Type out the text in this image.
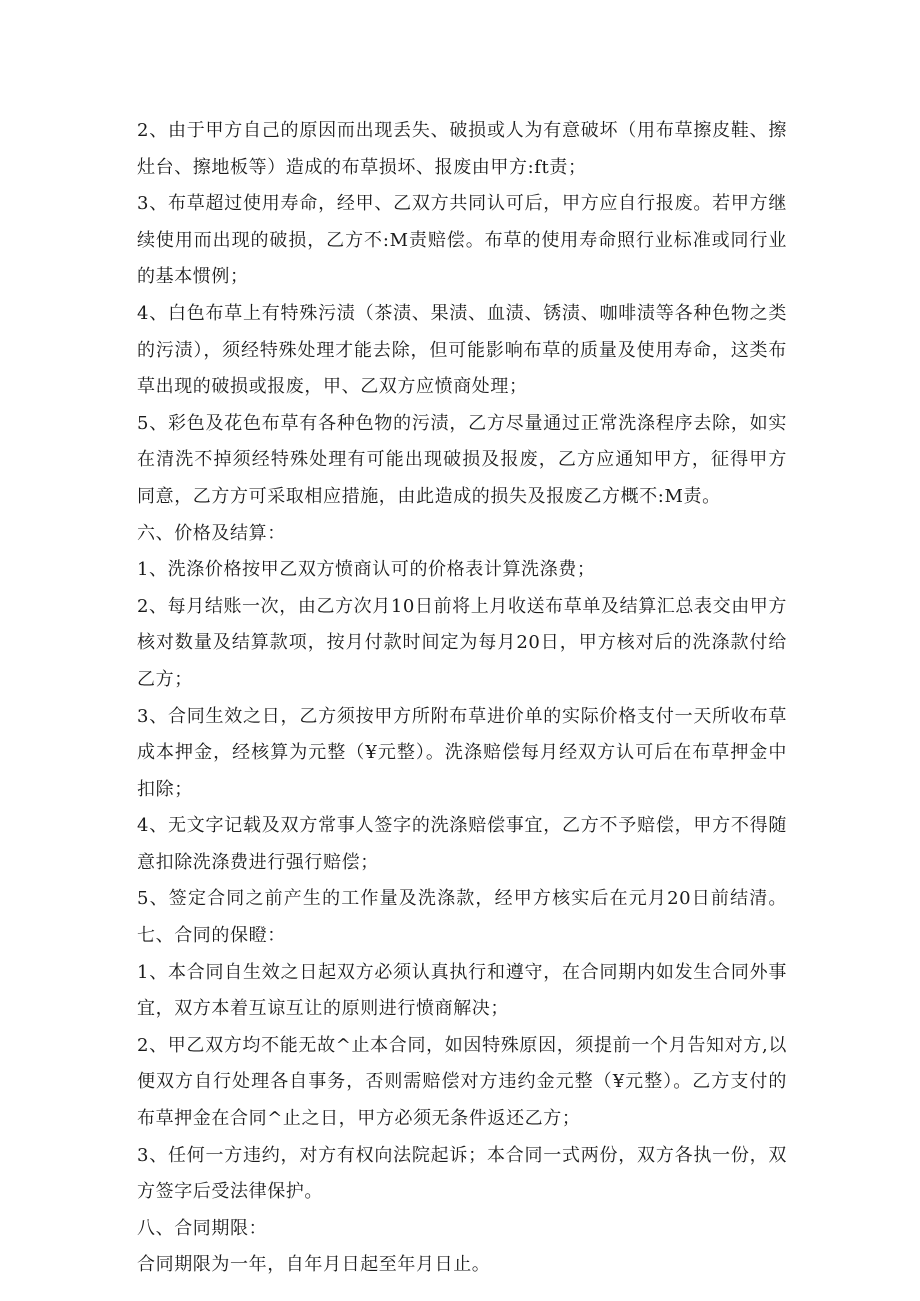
2、由于甲方自己的原因而出现丢失、破损或人为有意破坏（用布草擦皮鞋、擦灶台、擦地板等）造成的布草损坏、报废由甲方:ft责；

3、布草超过使用寿命，经甲、乙双方共同认可后，甲方应自行报废。若甲方继续使用而出现的破损，乙方不:M责赔偿。布草的使用寿命照行业标准或同行业的基本惯例；

4、白色布草上有特殊污渍（茶渍、果渍、血渍、锈渍、咖啡渍等各种色物之类的污渍），须经特殊处理才能去除，但可能影响布草的质量及使用寿命，这类布草出现的破损或报废，甲、乙双方应愤商处理；

5、彩色及花色布草有各种色物的污渍，乙方尽量通过正常洗涤程序去除，如实在清洗不掉须经特殊处理有可能出现破损及报废，乙方应通知甲方，征得甲方同意，乙方方可采取相应措施，由此造成的损失及报废乙方概不:M责。

六、价格及结算：

1、洗涤价格按甲乙双方愤商认可的价格表计算洗涤费；

2、每月结账一次，由乙方次月10日前将上月收送布草单及结算汇总表交由甲方核对数量及结算款项，按月付款时间定为每月20日，甲方核对后的洗涤款付给乙方；

3、合同生效之日，乙方须按甲方所附布草进价单的实际价格支付一天所收布草成本押金，经核算为元整（¥元整）。洗涤赔偿每月经双方认可后在布草押金中扣除；

4、无文字记载及双方常事人签字的洗涤赔偿事宜，乙方不予赔偿，甲方不得随意扣除洗涤费进行强行赔偿；

5、签定合同之前产生的工作量及洗涤款，经甲方核实后在元月20日前结清。七、合同的保瞪：

1、本合同自生效之日起双方必须认真执行和遵守，在合同期内如发生合同外事宜，双方本着互谅互让的原则进行愤商解决；

2、甲乙双方均不能无故^止本合同，如因特殊原因，须提前一个月告知对方,以便双方自行处理各自事务，否则需赔偿对方违约金元整（¥元整）。乙方支付的布草押金在合同^止之日，甲方必须无条件返还乙方；

3、任何一方违约，对方有权向法院起诉；本合同一式两份，双方各执一份，双方签字后受法律保护。

八、合同期限：

合同期限为一年，自年月日起至年月日止。
